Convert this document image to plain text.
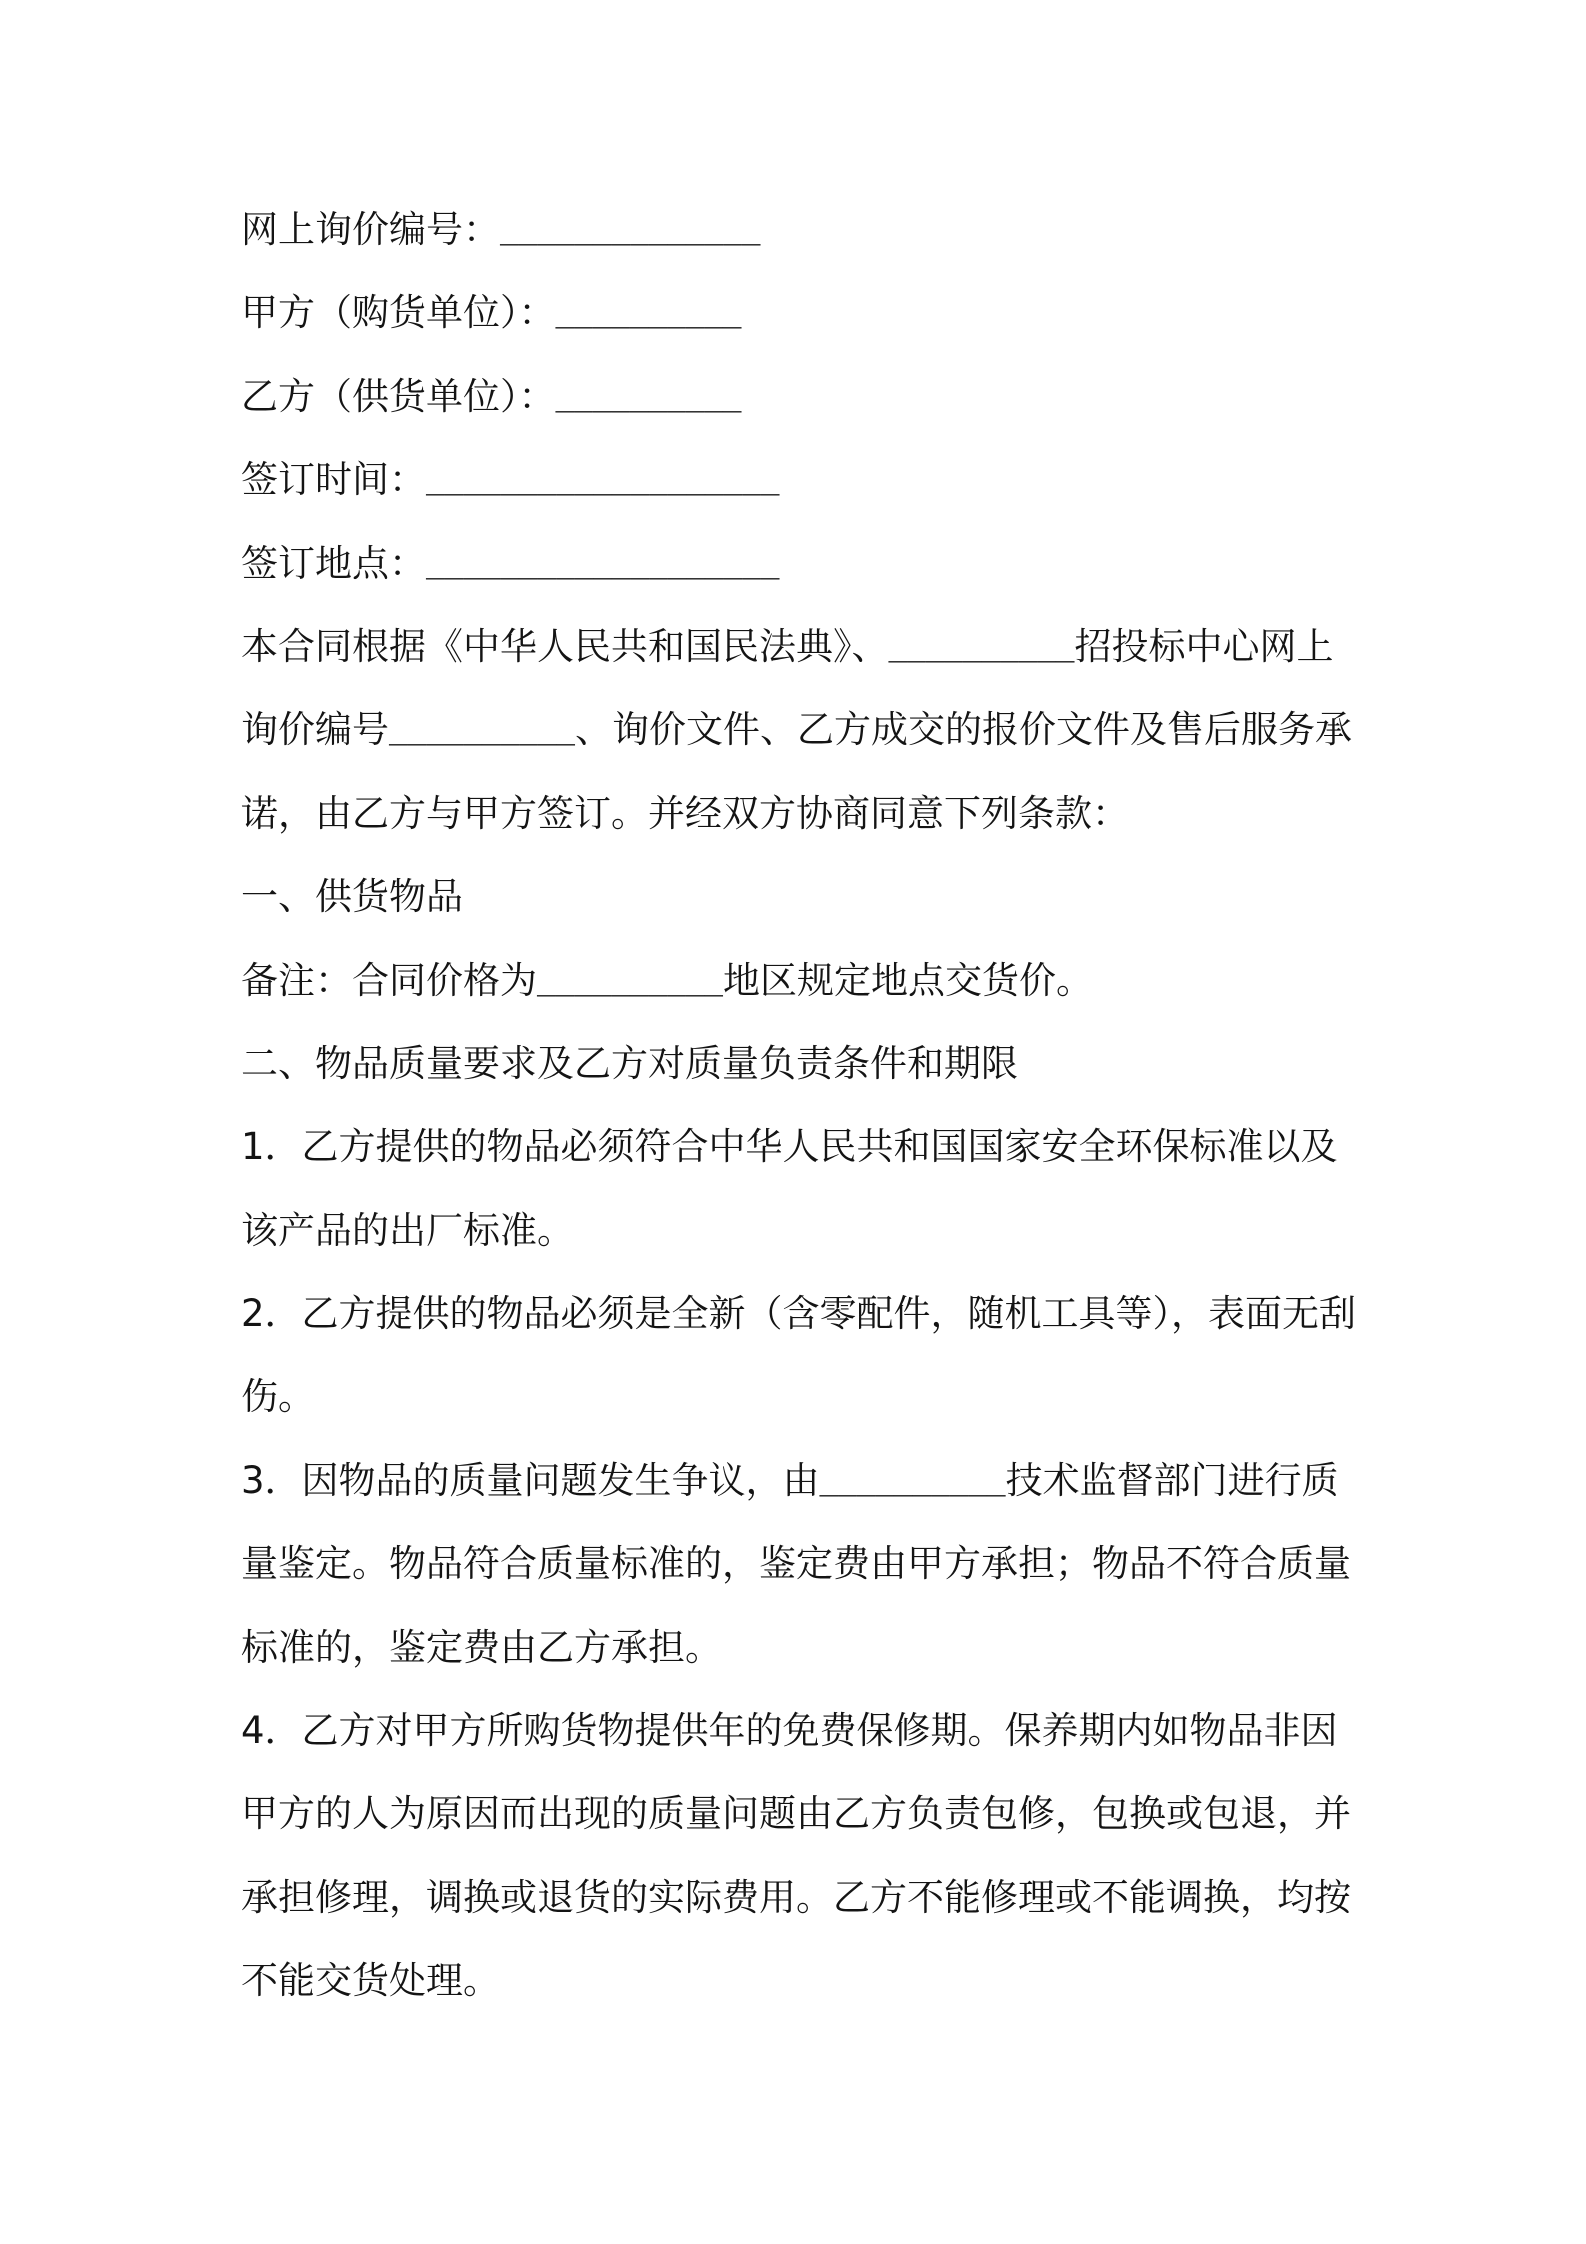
网上询价编号：______________
甲方（购货单位）：__________
乙方（供货单位）：__________
签订时间：___________________
签订地点：___________________
本合同根据《中华人民共和国民法典》、__________招投标中心网上
询价编号__________、询价文件、乙方成交的报价文件及售后服务承
诺，由乙方与甲方签订。并经双方协商同意下列条款：
一、供货物品
备注：合同价格为__________地区规定地点交货价。
二、物品质量要求及乙方对质量负责条件和期限
1．乙方提供的物品必须符合中华人民共和国国家安全环保标准以及
该产品的出厂标准。
2．乙方提供的物品必须是全新（含零配件，随机工具等），表面无刮
伤。
3．因物品的质量问题发生争议，由__________技术监督部门进行质
量鉴定。物品符合质量标准的，鉴定费由甲方承担；物品不符合质量
标准的，鉴定费由乙方承担。
4．乙方对甲方所购货物提供年的免费保修期。保养期内如物品非因
甲方的人为原因而出现的质量问题由乙方负责包修，包换或包退，并
承担修理，调换或退货的实际费用。乙方不能修理或不能调换，均按
不能交货处理。
